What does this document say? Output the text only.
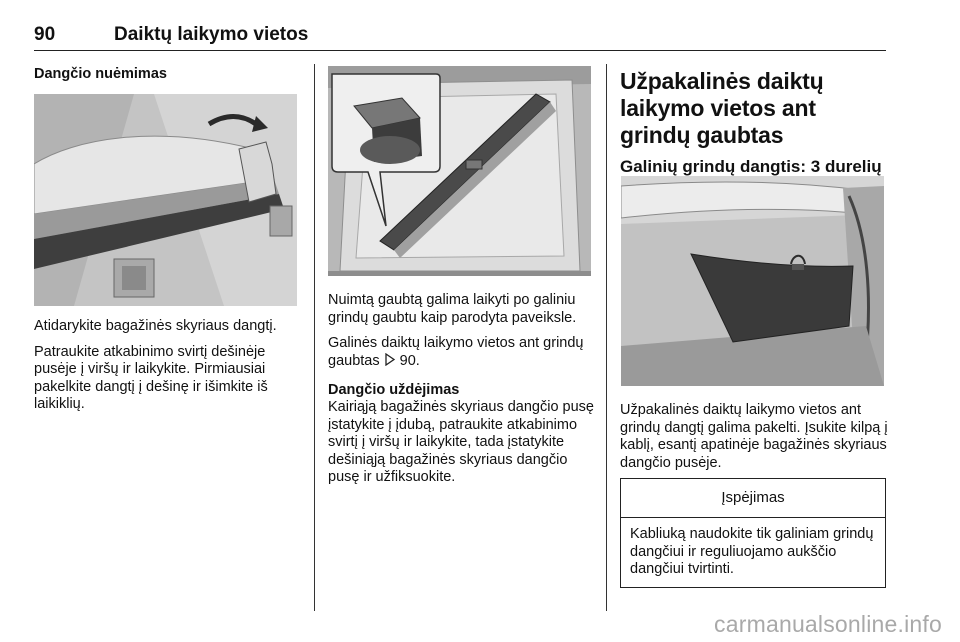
90	Daiktų laikymo vietos

Dangčio nuėmimas

Atidarykite bagažinės skyriaus dangtį.

Patraukite atkabinimo svirtį dešinėje pusėje į viršų ir laikykite. Pirmiausiai pakelkite dangtį į dešinę ir išimkite iš laikiklių.

Nuimtą gaubtą galima laikyti po galiniu grindų gaubtu kaip parodyta paveiksle.

Galinės daiktų laikymo vietos ant grindų gaubtas  90.

Dangčio uždėjimas

Kairiąją bagažinės skyriaus dangčio pusę įstatykite į įdubą, patraukite atkabinimo svirtį į viršų ir laikykite, tada įstatykite dešiniąją bagažinės skyriaus dangčio pusę ir užfiksuokite.

Užpakalinės daiktų laikymo vietos ant grindų gaubtas

Galinių grindų dangtis: 3 durelių

Užpakalinės daiktų laikymo vietos ant grindų dangtį galima pakelti. Įsukite kilpą į kablį, esantį apatinėje bagažinės skyriaus dangčio pusėje.

Įspėjimas
Kabliuką naudokite tik galiniam grindų dangčiui ir reguliuojamo aukščio dangčiui tvirtinti.
carmanualsonline.info
